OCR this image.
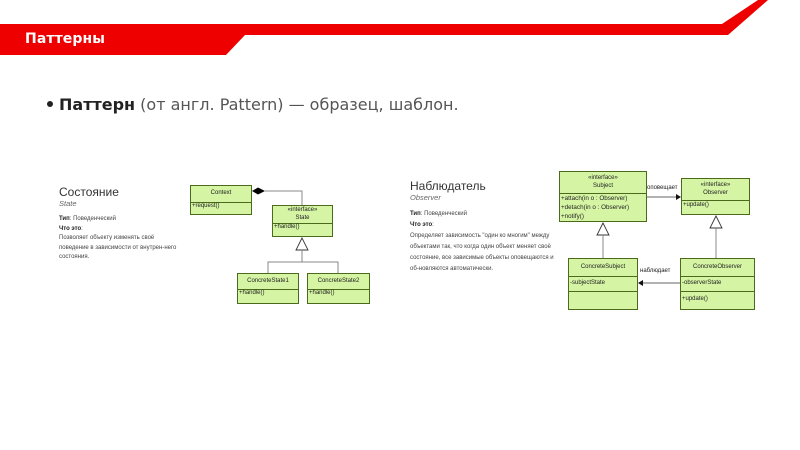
Паттерны
Паттерн (от англ. Pattern) — образец, шаблон.
Состояние
State
Тип: Поведенческий
Что это:
Позволяет объекту изменять своё поведение в зависимости от внутрен-него состояния.
Наблюдатель
Observer
Тип: Поведенческий
Что это:
Определяет зависимость "один ко многим" между объектами так, что когда один объект меняет своё состояние, все зависимые объекты оповещаются и об-новляются автоматически.
Context
+request()
«interface»
State
+handle()
ConcreteState1
+handle()
ConcreteState2
+handle()
«interface»
Subject
+attach(in o : Observer)
+detach(in o : Observer)
+notify()
«interface»
Observer
+update()
ConcreteSubject
-subjectState
ConcreteObserver
-observerState
+update()
оповещает
наблюдает
